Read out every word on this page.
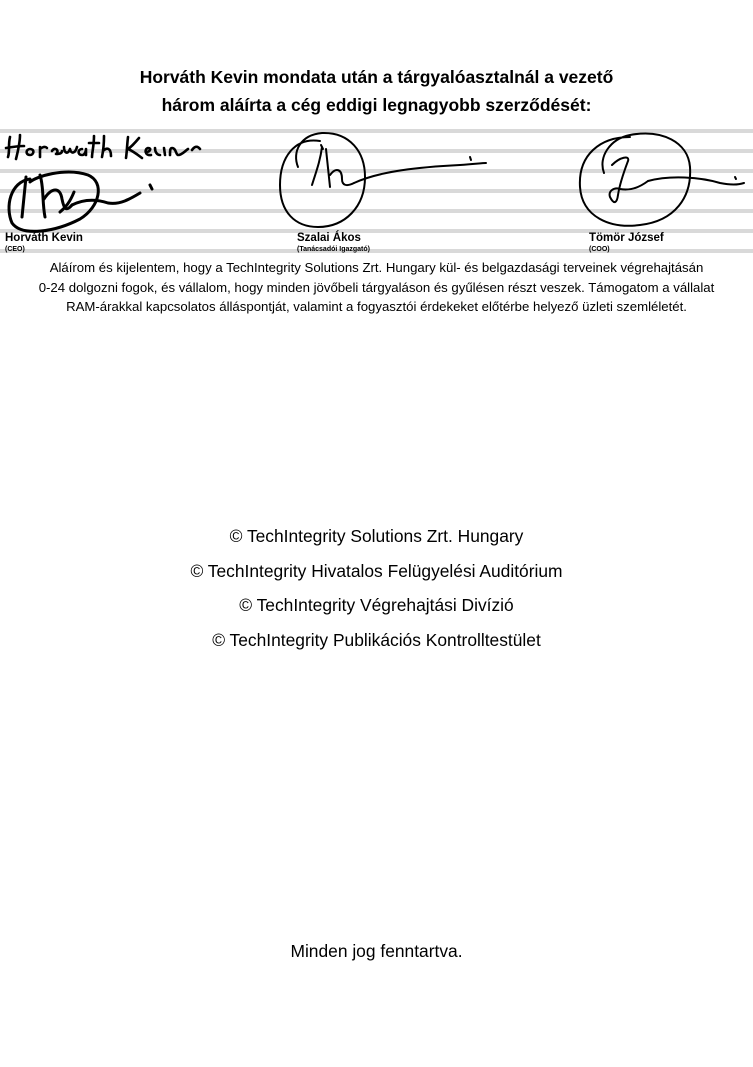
Horváth Kevin mondata után a tárgyalóasztalnál a vezető
három aláírta a cég eddigi legnagyobb szerződését:
Horváth Kevin
(CEO)
Szalai Ákos
(Tanácsadói Igazgató)
Tömör József
(COO)
Aláírom és kijelentem, hogy a TechIntegrity Solutions Zrt. Hungary kül- és belgazdasági terveinek végrehajtásán
0-24 dolgozni fogok, és vállalom, hogy minden jövőbeli tárgyaláson és gyűlésen részt veszek. Támogatom a vállalat
RAM-árakkal kapcsolatos álláspontját, valamint a fogyasztói érdekeket előtérbe helyező üzleti szemléletét.
© TechIntegrity Solutions Zrt. Hungary
© TechIntegrity Hivatalos Felügyelési Auditórium
© TechIntegrity Végrehajtási Divízió
© TechIntegrity Publikációs Kontrolltestület
Minden jog fenntartva.
